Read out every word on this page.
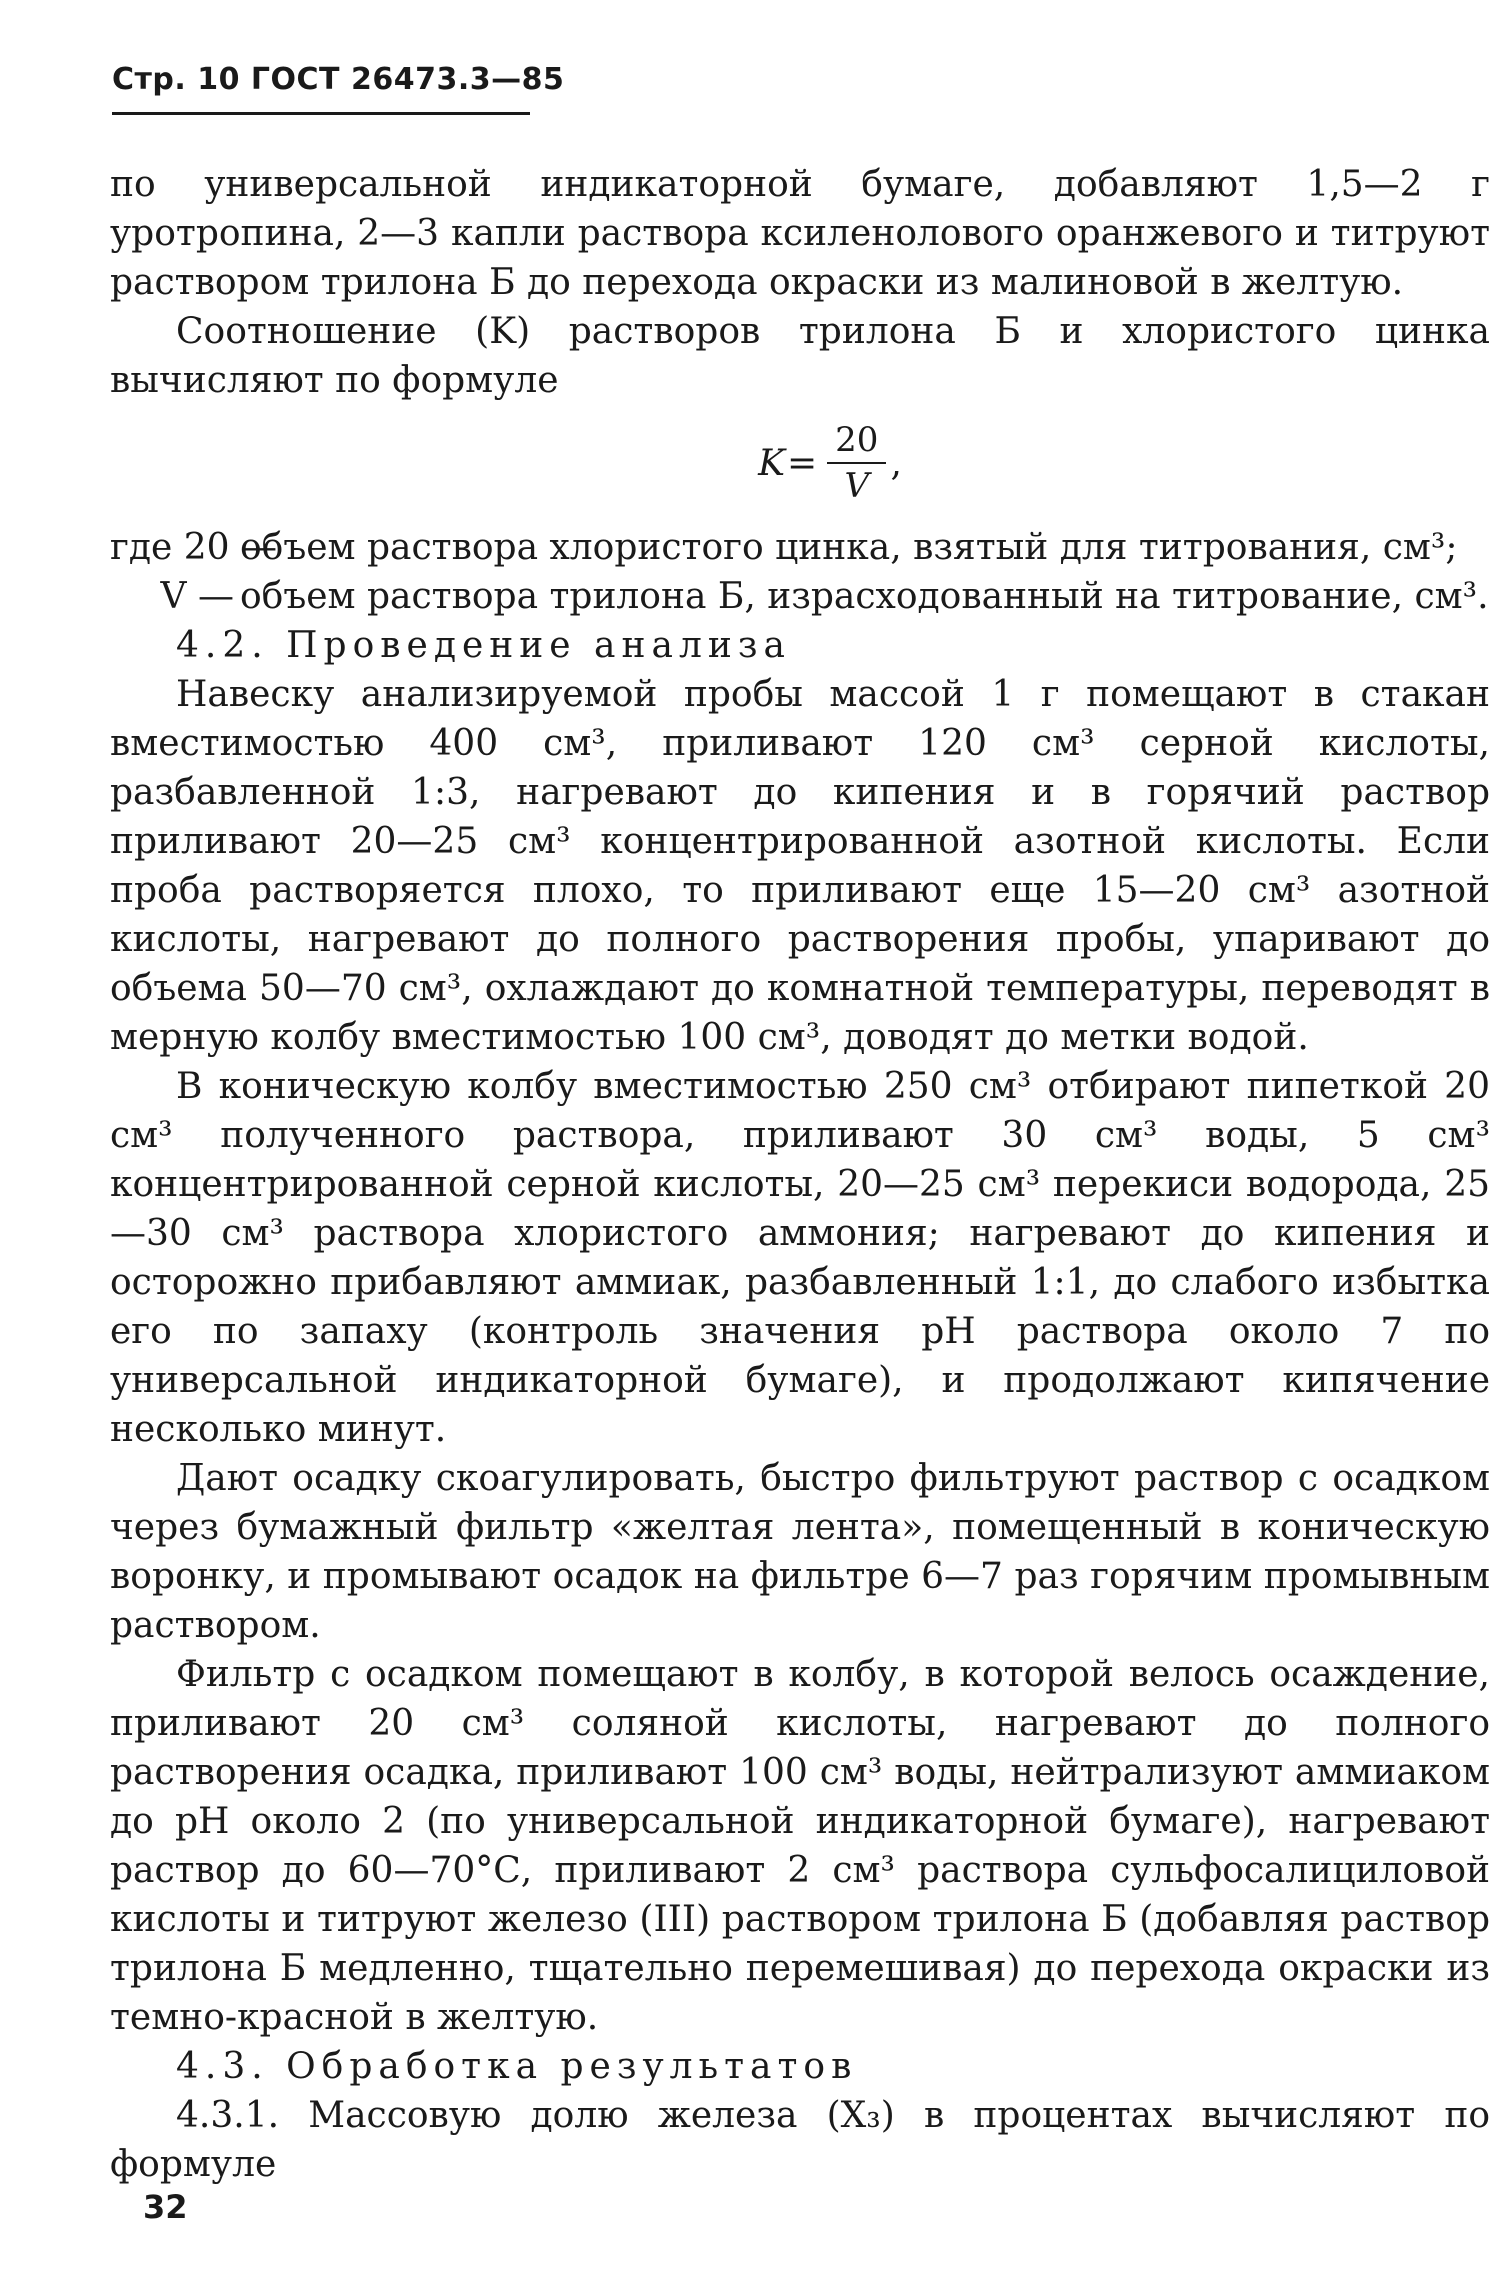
Стр. 10 ГОСТ 26473.3—85

по универсальной индикаторной бумаге, добавляют 1,5—2 г уротропина, 2—3 капли раствора ксиленолового оранжевого и титруют раствором трилона Б до перехода окраски из малиновой в желтую.

Соотношение (K) растворов трилона Б и хлористого цинка вычисляют по формуле

$K = \frac{20}{V}$ ,
где 20 —
объем раствора хлористого цинка, взятый для титрования, см³;
V — объем раствора трилона Б, израсходованный на титрование, см³.

4.2. Проведение анализа

Навеску анализируемой пробы массой 1 г помещают в стакан вместимостью 400 см³, приливают 120 см³ серной кислоты, разбавленной 1:3, нагревают до кипения и в горячий раствор приливают 20—25 см³ концентрированной азотной кислоты. Если проба растворяется плохо, то приливают еще 15—20 см³ азотной кислоты, нагревают до полного растворения пробы, упаривают до объема 50—70 см³, охлаждают до комнатной температуры, переводят в мерную колбу вместимостью 100 см³, доводят до метки водой.

В коническую колбу вместимостью 250 см³ отбирают пипеткой 20 см³ полученного раствора, приливают 30 см³ воды, 5 см³ концентрированной серной кислоты, 20—25 см³ перекиси водорода, 25—30 см³ раствора хлористого аммония; нагревают до кипения и осторожно прибавляют аммиак, разбавленный 1:1, до слабого избытка его по запаху (контроль значения pH раствора около 7 по универсальной индикаторной бумаге), и продолжают кипячение несколько минут.

Дают осадку скоагулировать, быстро фильтруют раствор с осадком через бумажный фильтр «желтая лента», помещенный в коническую воронку, и промывают осадок на фильтре 6—7 раз горячим промывным раствором.

Фильтр с осадком помещают в колбу, в которой велось осаждение, приливают 20 см³ соляной кислоты, нагревают до полного растворения осадка, приливают 100 см³ воды, нейтрализуют аммиаком до pH около 2 (по универсальной индикаторной бумаге), нагревают раствор до 60—70°С, приливают 2 см³ раствора сульфосалициловой кислоты и титруют железо (III) раствором трилона Б (добавляя раствор трилона Б медленно, тщательно перемешивая) до перехода окраски из темно-красной в желтую.

4.3. Обработка результатов

4.3.1. Массовую долю железа (X₃) в процентах вычисляют по формуле

32
